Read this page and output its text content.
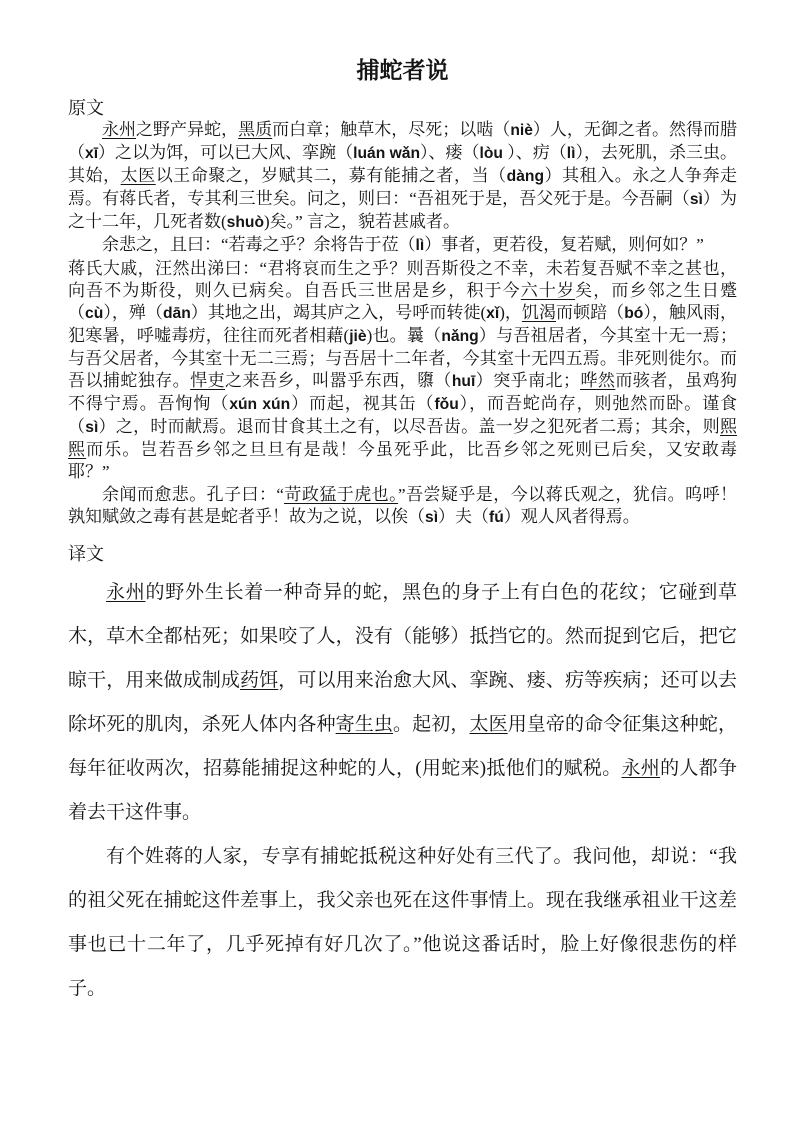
捕蛇者说

原文

永州之野产异蛇，黑质而白章；触草木，尽死；以啮（niè）人，无御之者。然得而腊（xī）之以为饵，可以已大风、挛踠（luán wǎn）、瘘（lòu ）、疠（lì），去死肌，杀三虫。其始，太医以王命聚之，岁赋其二，募有能捕之者，当（dàng）其租入。永之人争奔走焉。有蒋氏者，专其利三世矣。问之，则曰：“吾祖死于是，吾父死于是。今吾嗣（sì）为之十二年，几死者数(shuò)矣。” 言之，貌若甚戚者。

余悲之，且曰：“若毒之乎？余将告于莅（lì）事者，更若役，复若赋，则何如？”

蒋氏大戚，汪然出涕曰：“君将哀而生之乎？则吾斯役之不幸，未若复吾赋不幸之甚也，向吾不为斯役，则久已病矣。自吾氏三世居是乡，积于今六十岁矣，而乡邻之生日蹙（cù），殚（dān）其地之出，竭其庐之入，号呼而转徙(xǐ)，饥渴而顿踣（bó），触风雨，犯寒暑，呼嘘毒疠，往往而死者相藉(jiè)也。曩（nǎng）与吾祖居者，今其室十无一焉；与吾父居者，今其室十无二三焉；与吾居十二年者，今其室十无四五焉。非死则徙尔。而吾以捕蛇独存。悍吏之来吾乡，叫嚣乎东西，隳（huī）突乎南北；哗然而骇者，虽鸡狗不得宁焉。吾恂恂（xún xún）而起，视其缶（fǒu），而吾蛇尚存，则弛然而卧。谨食（sì）之，时而献焉。退而甘食其土之有，以尽吾齿。盖一岁之犯死者二焉；其余，则熙熙而乐。岂若吾乡邻之旦旦有是哉！今虽死乎此，比吾乡邻之死则已后矣，又安敢毒耶？”

余闻而愈悲。孔子曰：“苛政猛于虎也。”吾尝疑乎是，今以蒋氏观之，犹信。呜呼！孰知赋敛之毒有甚是蛇者乎！故为之说，以俟（sì）夫（fú）观人风者得焉。

译文

永州的野外生长着一种奇异的蛇，黑色的身子上有白色的花纹；它碰到草木，草木全都枯死；如果咬了人，没有（能够）抵挡它的。然而捉到它后，把它晾干，用来做成制成药饵，可以用来治愈大风、挛踠、瘘、疠等疾病；还可以去除坏死的肌肉，杀死人体内各种寄生虫。起初，太医用皇帝的命令征集这种蛇，每年征收两次，招募能捕捉这种蛇的人，(用蛇来)抵他们的赋税。永州的人都争着去干这件事。

有个姓蒋的人家，专享有捕蛇抵税这种好处有三代了。我问他，却说：“我的祖父死在捕蛇这件差事上，我父亲也死在这件事情上。现在我继承祖业干这差事也已十二年了，几乎死掉有好几次了。”他说这番话时，脸上好像很悲伤的样子。
